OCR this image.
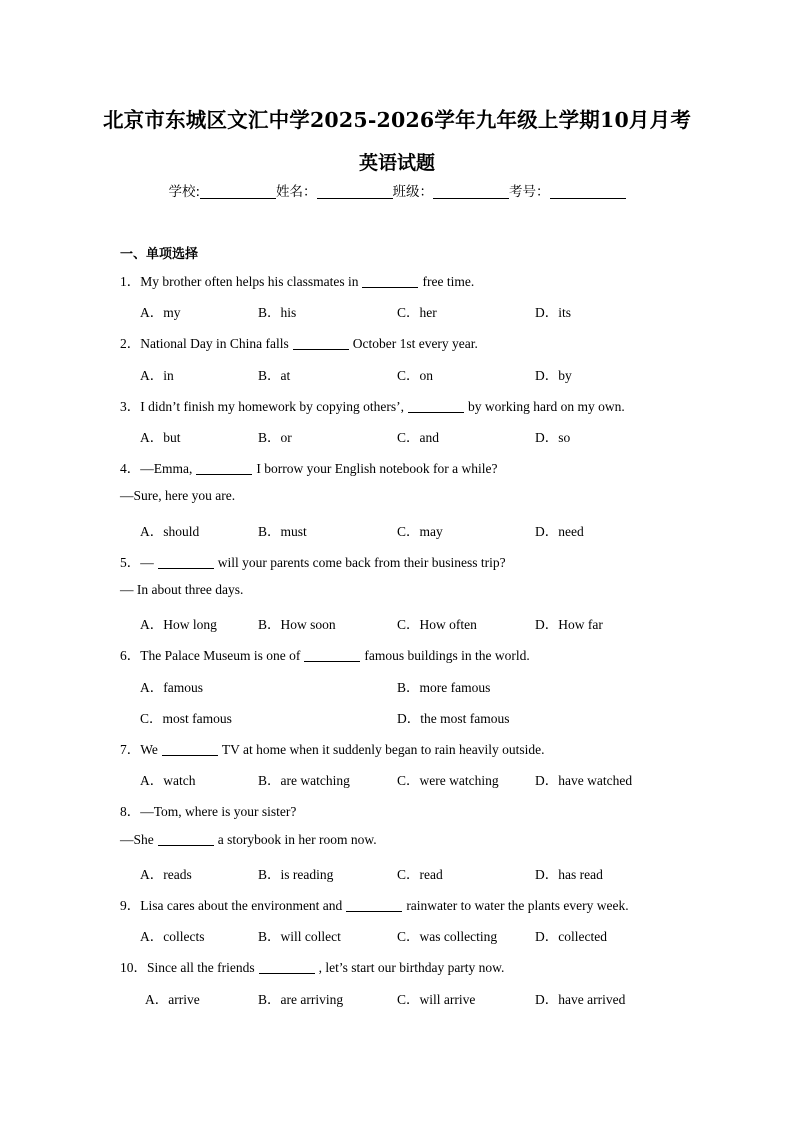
北京市东城区文汇中学2025-2026学年九年级上学期10月月考
英语试题
学校:	姓名：	班级：	考号：
一、单项选择
1．My brother often helps his classmates in	free time.
A．my	B．his	C．her	D．its
2．National Day in China falls	October 1st every year.
A．in	B．at	C．on	D．by
3．I didn’t finish my homework by copying others’,	by working hard on my own.
A．but	B．or	C．and	D．so
4．—Emma,	I borrow your English notebook for a while?
—Sure, here you are.
A．should	B．must	C．may	D．need
5．—	will your parents come back from their business trip?
— In about three days.
A．How long	B．How soon	C．How often	D．How far
6．The Palace Museum is one of	famous buildings in the world.
A．famous	B．more famous
C．most famous	D．the most famous
7．We	TV at home when it suddenly began to rain heavily outside.
A．watch	B．are watching	C．were watching	D．have watched
8．—Tom, where is your sister?
—She	a storybook in her room now.
A．reads	B．is reading	C．read	D．has read
9．Lisa cares about the environment and	rainwater to water the plants every week.
A．collects	B．will collect	C．was collecting	D．collected
10．Since all the friends	, let’s start our birthday party now.
A．arrive	B．are arriving	C．will arrive	D．have arrived
